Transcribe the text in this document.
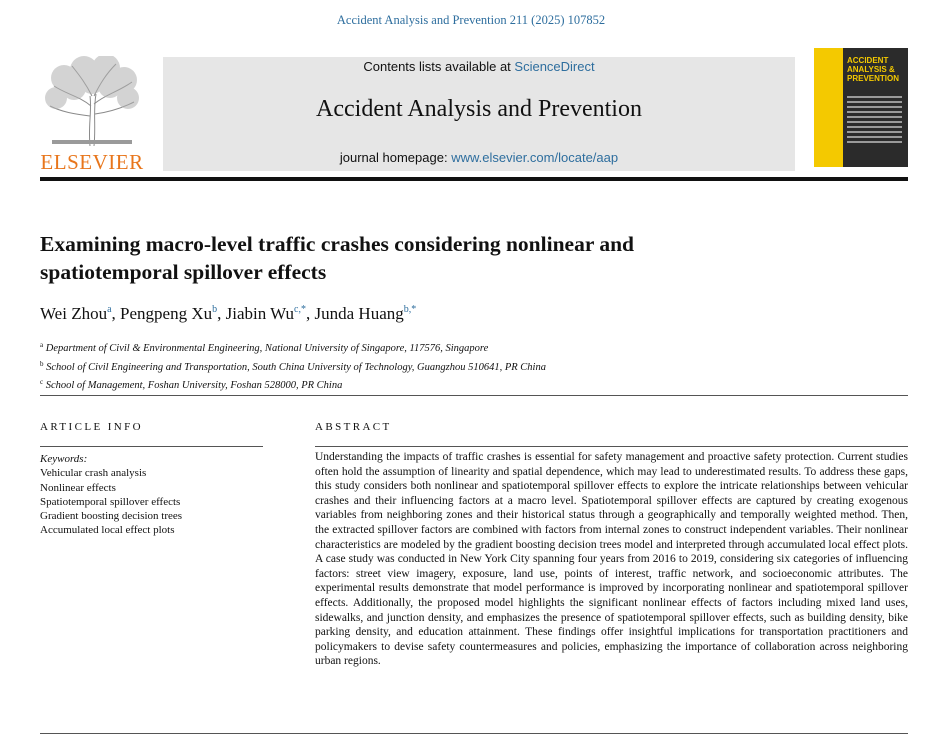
Accident Analysis and Prevention 211 (2025) 107852
ELSEVIER
Contents lists available at ScienceDirect
Accident Analysis and Prevention
journal homepage: www.elsevier.com/locate/aap
ACCIDENT ANALYSIS & PREVENTION
Examining macro-level traffic crashes considering nonlinear and spatiotemporal spillover effects
Wei Zhou$^a$, Pengpeng Xu$^b$, Jiabin $Wu^{c,*}$, Junda Huang$^{b,*}$
$^a$ Department of Civil & Environmental Engineering, National University of Singapore, 117576, Singapore
$^b$ School of Civil Engineering and Transportation, South China University of Technology, Guangzhou 510641, PR China
$^c$ School of Management, Foshan University, Foshan 528000, PR China
ARTICLE INFO
Keywords:
Vehicular crash analysis
Nonlinear effects
Spatiotemporal spillover effects
Gradient boosting decision trees
Accumulated local effect plots
ABSTRACT

Understanding the impacts of traffic crashes is essential for safety management and proactive safety protection. Current studies often hold the assumption of linearity and spatial dependence, which may lead to underestimated results. To address these gaps, this study considers both nonlinear and spatiotemporal spillover effects to explore the intricate relationships between vehicular crashes and their influencing factors at a macro level. Spatiotemporal spillover effects are captured by creating exogenous variables from neighboring zones and their historical status through a geographically and temporally weighted method. Then, the extracted spillover factors are combined with factors from internal zones to construct independent variables. Their nonlinear characteristics are modeled by the gradient boosting decision trees model and interpreted through accumulated local effect plots. A case study was conducted in New York City spanning four years from 2016 to 2019, considering six categories of influencing factors: street view imagery, exposure, land use, points of interest, traffic network, and socioeconomic attributes. The experimental results demonstrate that model performance is improved by incorporating nonlinear and spatiotemporal spillover effects. Additionally, the proposed model highlights the significant nonlinear effects of factors including mixed land uses, sidewalks, and junction density, and emphasizes the presence of spatiotemporal spillover effects, such as building density, bike parking density, and education attainment. These findings offer insightful implications for transportation practitioners and policymakers to devise safety countermeasures and policies, emphasizing the importance of collaboration across neighboring urban regions.
